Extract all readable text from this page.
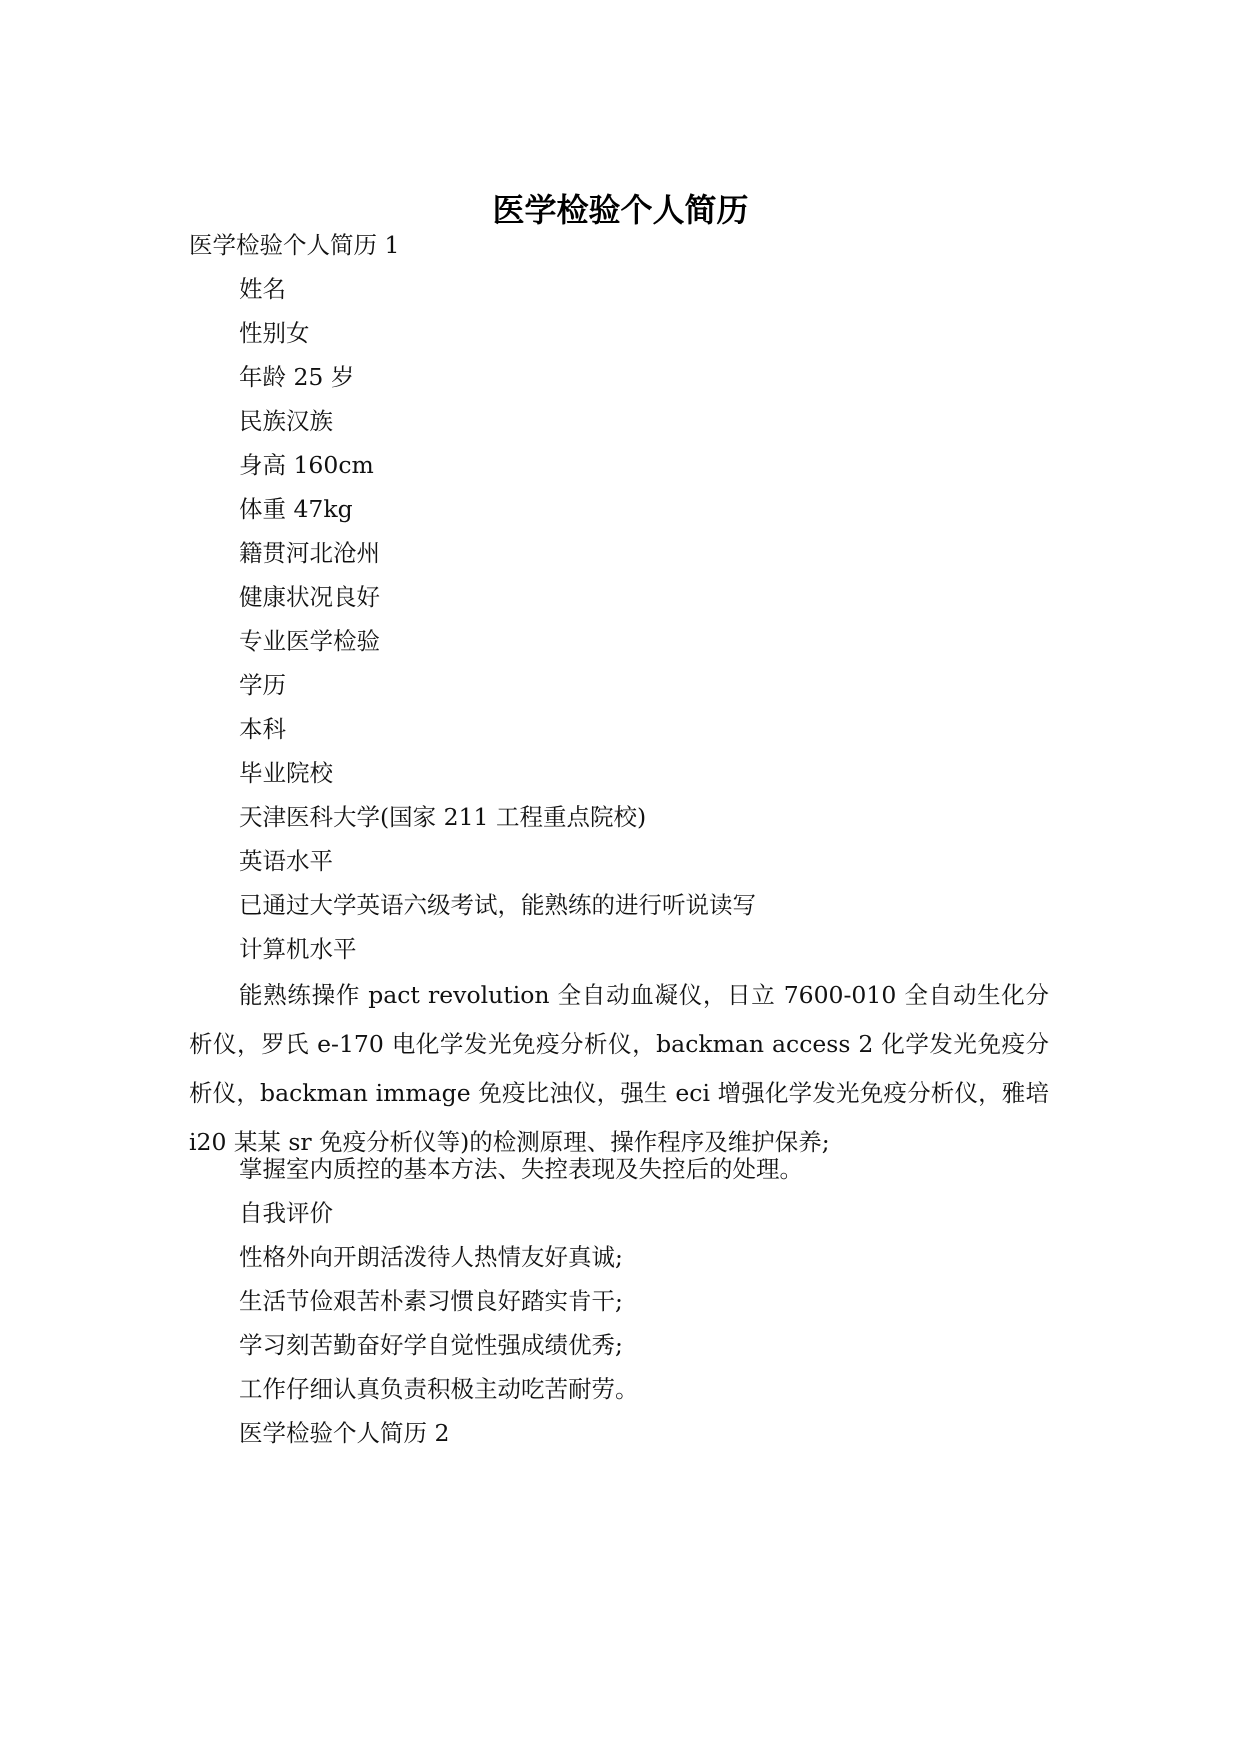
医学检验个人简历
医学检验个人简历 1
姓名
性别女
年龄 25 岁
民族汉族
身高 160cm
体重 47kg
籍贯河北沧州
健康状况良好
专业医学检验
学历
本科
毕业院校
天津医科大学(国家 211 工程重点院校)
英语水平
已通过大学英语六级考试，能熟练的进行听说读写
计算机水平
能熟练操作 pact revolution 全自动血凝仪，日立 7600-010 全自动生化分析仪，罗氏 e-170 电化学发光免疫分析仪，backman access 2 化学发光免疫分析仪，backman immage 免疫比浊仪，强生 eci 增强化学发光免疫分析仪，雅培 i20 某某 sr 免疫分析仪等)的检测原理、操作程序及维护保养;
掌握室内质控的基本方法、失控表现及失控后的处理。
自我评价
性格外向开朗活泼待人热情友好真诚;
生活节俭艰苦朴素习惯良好踏实肯干;
学习刻苦勤奋好学自觉性强成绩优秀;
工作仔细认真负责积极主动吃苦耐劳。
医学检验个人简历 2
